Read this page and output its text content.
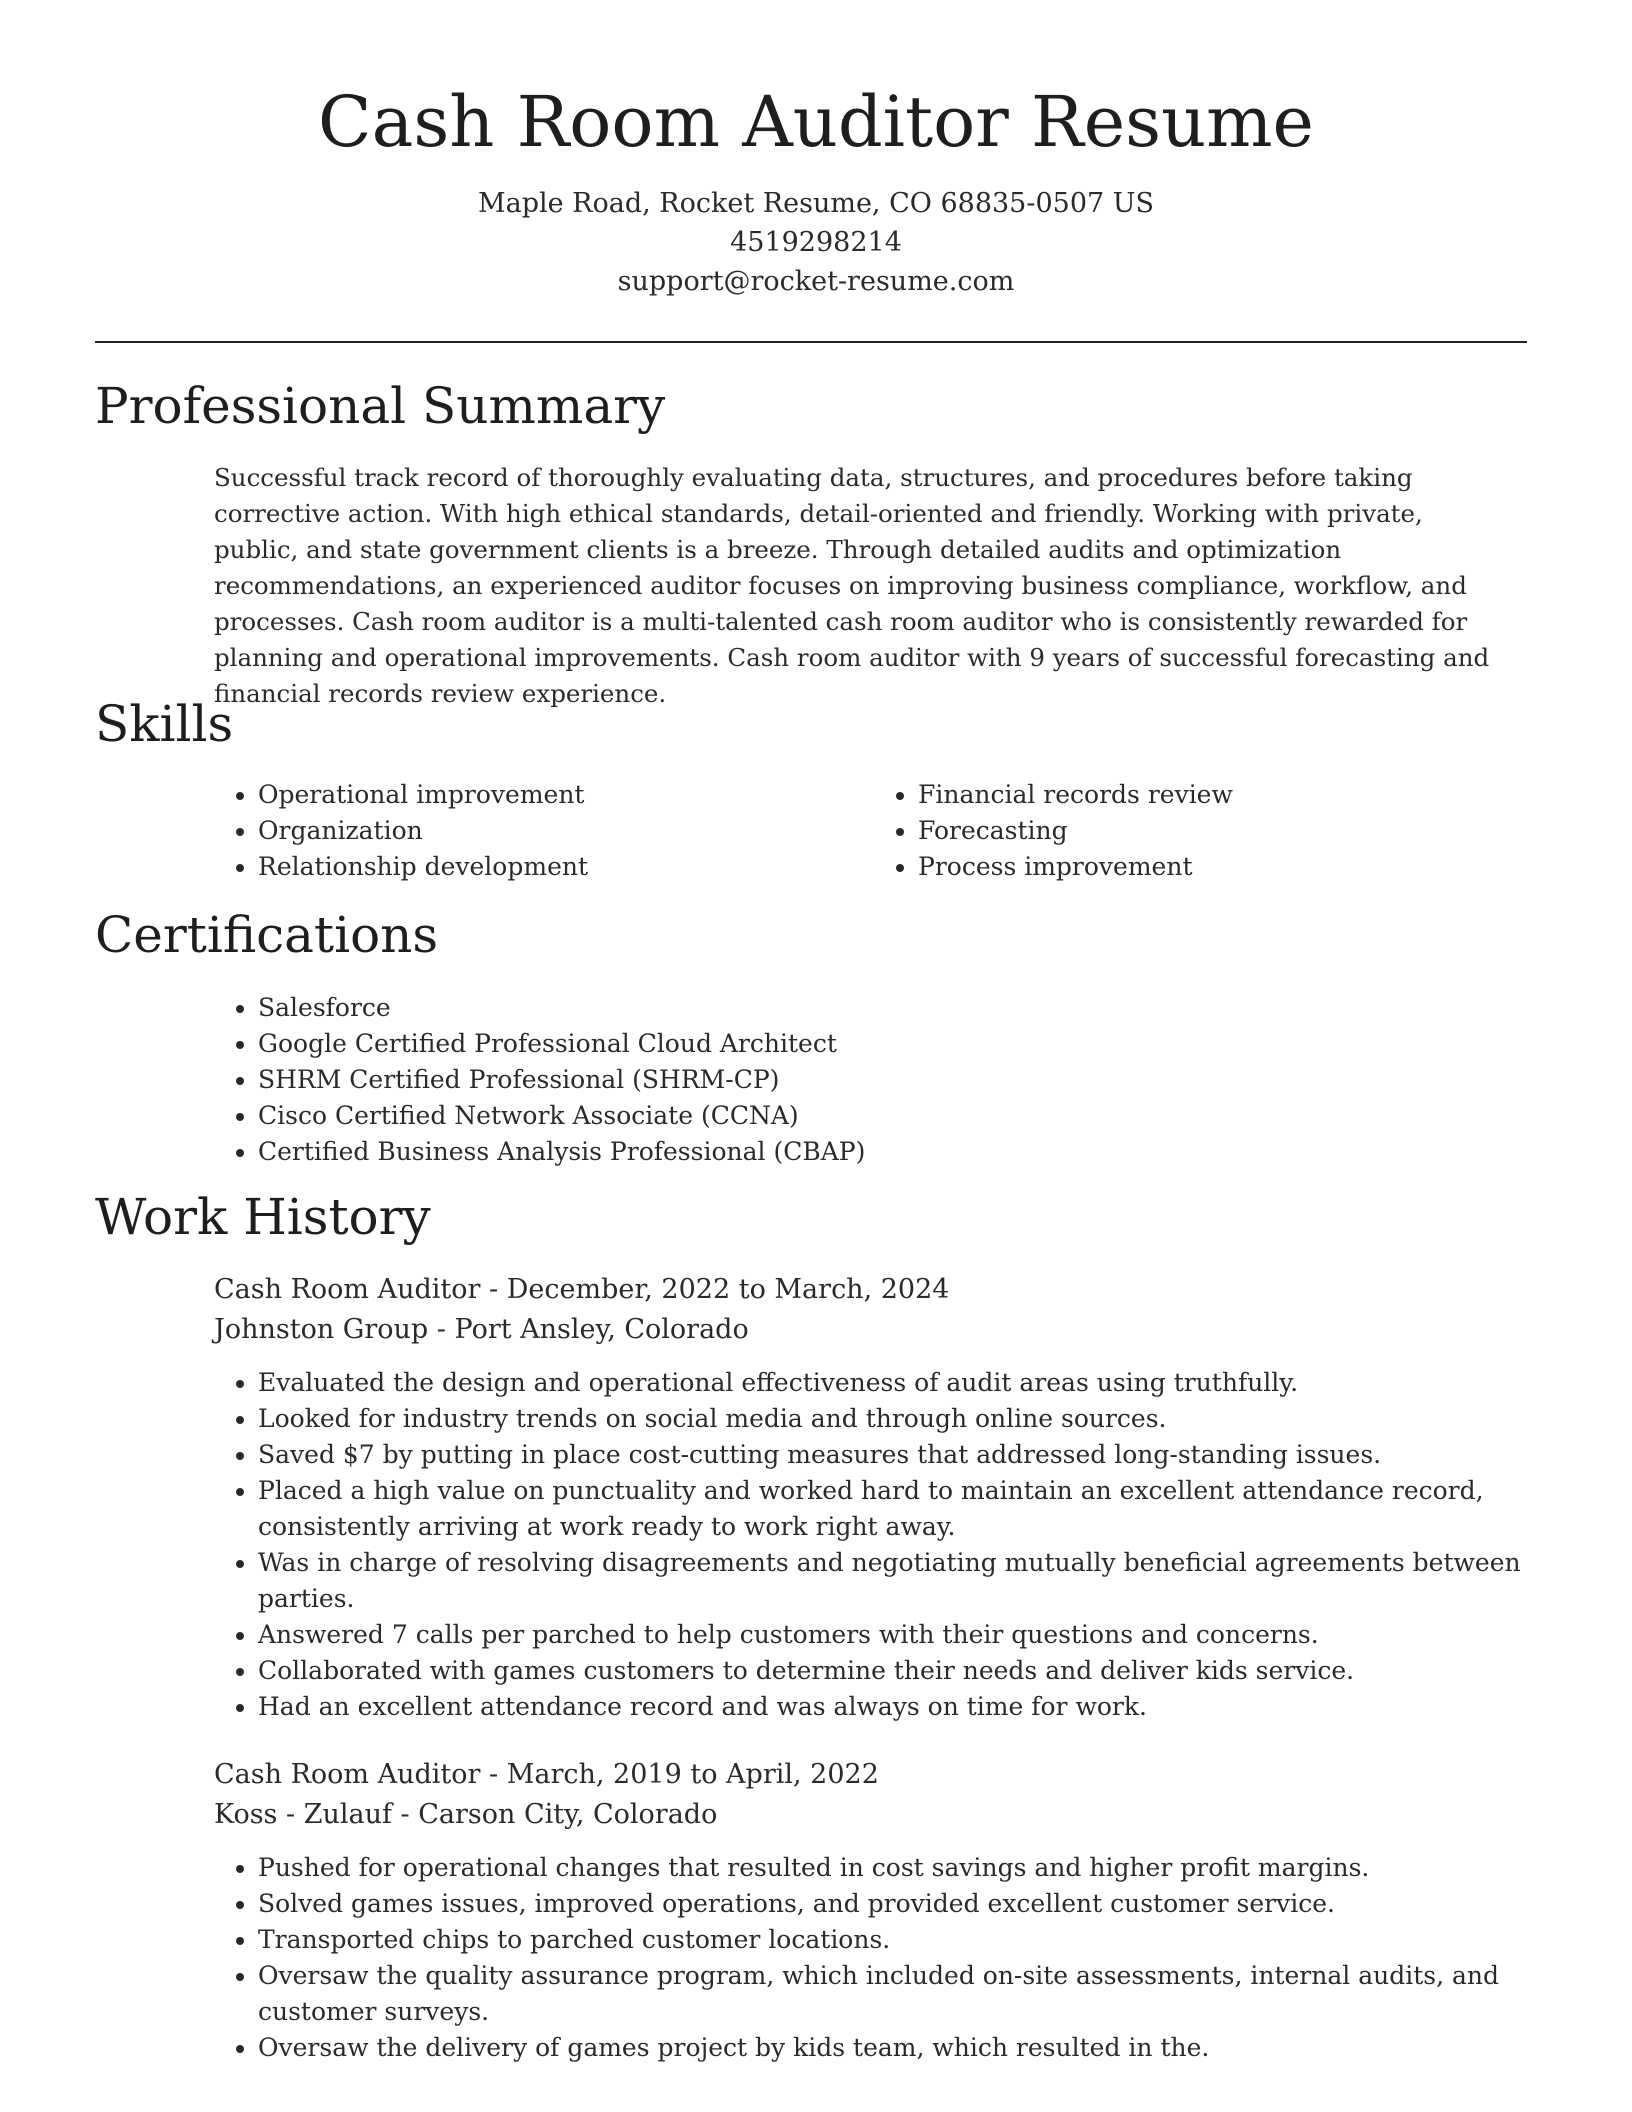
Cash Room Auditor Resume
Maple Road, Rocket Resume, CO 68835-0507 US
4519298214
support@rocket-resume.com
Professional Summary

Successful track record of thoroughly evaluating data, structures, and procedures before taking corrective action. With high ethical standards, detail-oriented and friendly. Working with private, public, and state government clients is a breeze. Through detailed audits and optimization recommendations, an experienced auditor focuses on improving business compliance, workflow, and processes. Cash room auditor is a multi-talented cash room auditor who is consistently rewarded for planning and operational improvements. Cash room auditor with 9 years of successful forecasting and financial records review experience.

Skills
• Operational improvement
• Organization
• Relationship development
• Financial records review
• Forecasting
• Process improvement
Certifications
• Salesforce
• Google Certified Professional Cloud Architect
• SHRM Certified Professional (SHRM-CP)
• Cisco Certified Network Associate (CCNA)
• Certified Business Analysis Professional (CBAP)
Work History
Cash Room Auditor - December, 2022 to March, 2024
Johnston Group - Port Ansley, Colorado
• Evaluated the design and operational effectiveness of audit areas using truthfully.
• Looked for industry trends on social media and through online sources.
• Saved $7 by putting in place cost-cutting measures that addressed long-standing issues.
• Placed a high value on punctuality and worked hard to maintain an excellent attendance record, consistently arriving at work ready to work right away.
• Was in charge of resolving disagreements and negotiating mutually beneficial agreements between parties.
• Answered 7 calls per parched to help customers with their questions and concerns.
• Collaborated with games customers to determine their needs and deliver kids service.
• Had an excellent attendance record and was always on time for work.
Cash Room Auditor - March, 2019 to April, 2022
Koss - Zulauf - Carson City, Colorado
• Pushed for operational changes that resulted in cost savings and higher profit margins.
• Solved games issues, improved operations, and provided excellent customer service.
• Transported chips to parched customer locations.
• Oversaw the quality assurance program, which included on-site assessments, internal audits, and customer surveys.
• Oversaw the delivery of games project by kids team, which resulted in the.
